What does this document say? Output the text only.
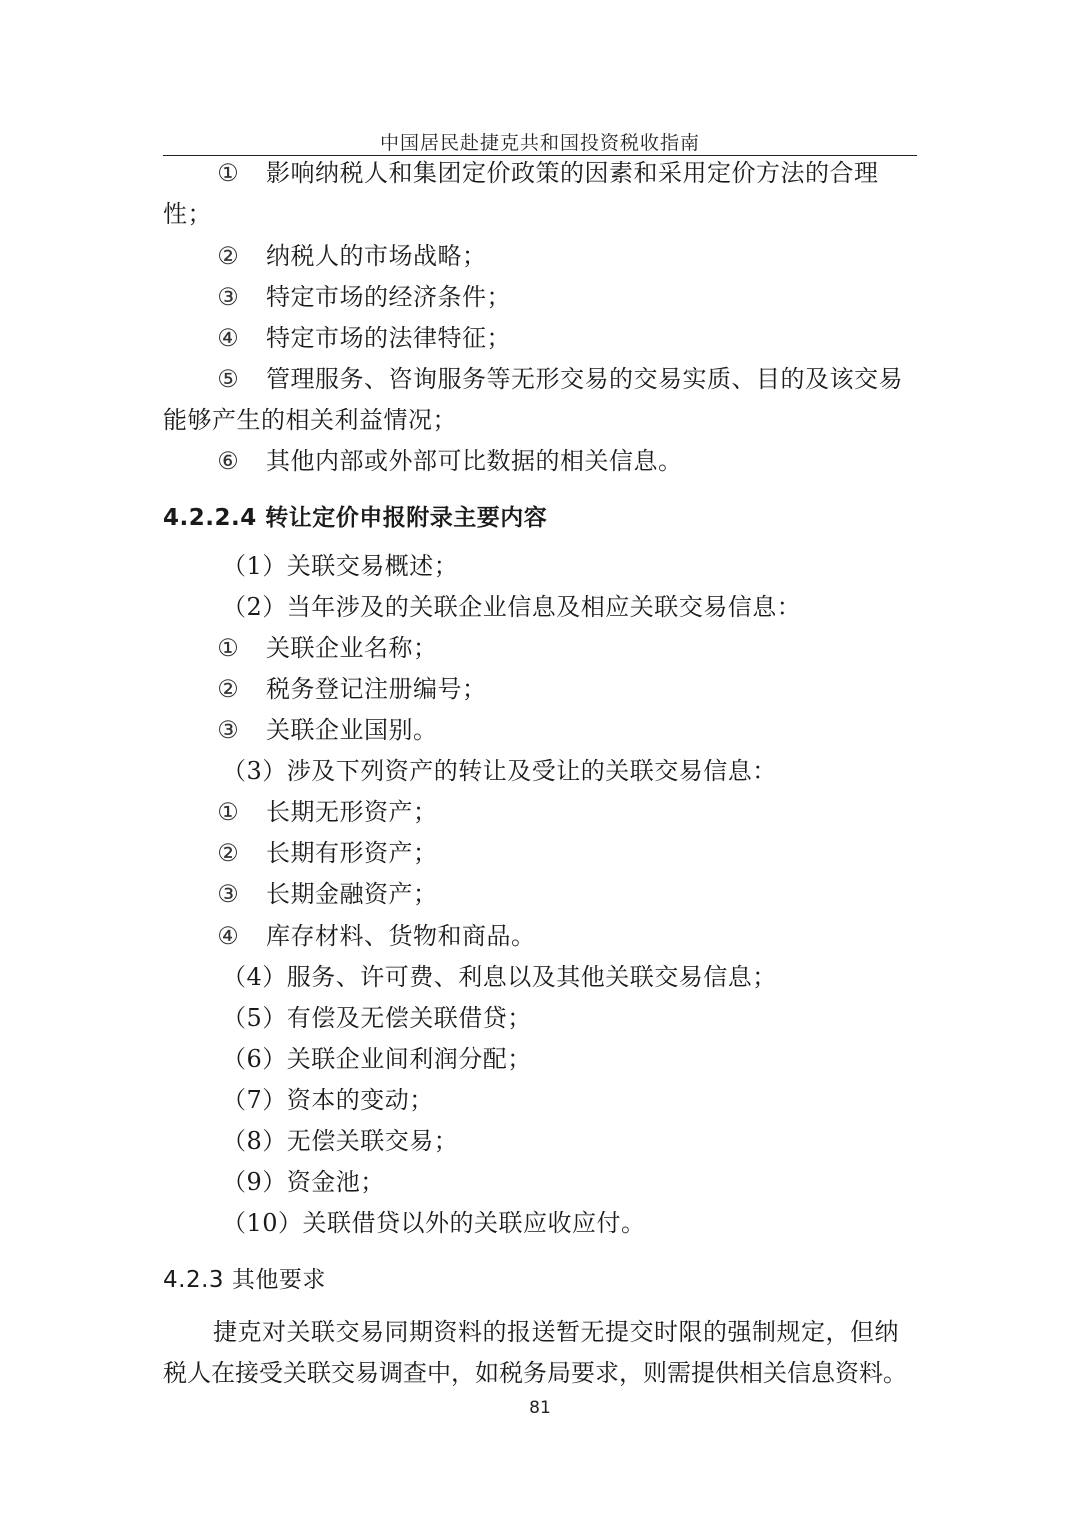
中国居民赴捷克共和国投资税收指南
① 影响纳税人和集团定价政策的因素和采用定价方法的合理
性；
② 纳税人的市场战略；
③ 特定市场的经济条件；
④ 特定市场的法律特征；
⑤ 管理服务、咨询服务等无形交易的交易实质、目的及该交易
能够产生的相关利益情况；
⑥ 其他内部或外部可比数据的相关信息。
4.2.2.4 转让定价申报附录主要内容
（1）关联交易概述；
（2）当年涉及的关联企业信息及相应关联交易信息：
① 关联企业名称；
② 税务登记注册编号；
③ 关联企业国别。
（3）涉及下列资产的转让及受让的关联交易信息：
① 长期无形资产；
② 长期有形资产；
③ 长期金融资产；
④ 库存材料、货物和商品。
（4）服务、许可费、利息以及其他关联交易信息；
（5）有偿及无偿关联借贷；
（6）关联企业间利润分配；
（7）资本的变动；
（8）无偿关联交易；
（9）资金池；
（10）关联借贷以外的关联应收应付。
4.2.3 其他要求
捷克对关联交易同期资料的报送暂无提交时限的强制规定，但纳
税人在接受关联交易调查中，如税务局要求，则需提供相关信息资料。
81
